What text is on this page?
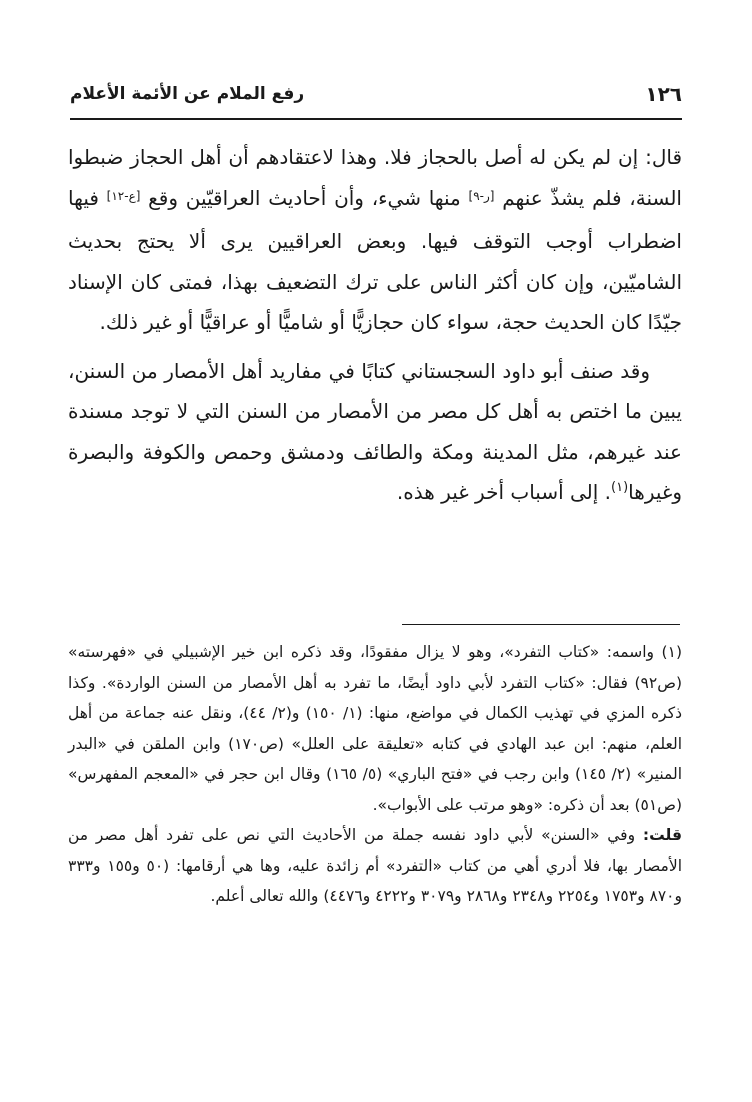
١٢٦
رفع الملام عن الأئمة الأعلام

قال: إن لم يكن له أصل بالحجاز فلا. وهذا لاعتقادهم أن أهل الحجاز ضبطوا السنة، فلم يشذّ عنهم [ر-٩] منها شيء، وأن أحاديث العراقيّين وقع [ع-١٢] فيها اضطراب أوجب التوقف فيها. وبعض العراقيين يرى ألا يحتج بحديث الشاميّين، وإن كان أكثر الناس على ترك التضعيف بهذا، فمتى كان الإسناد جيّدًا كان الحديث حجة، سواء كان حجازيًّا أو شاميًّا أو عراقيًّا أو غير ذلك.

وقد صنف أبو داود السجستاني كتابًا في مفاريد أهل الأمصار من السنن، يبين ما اختص به أهل كل مصر من الأمصار من السنن التي لا توجد مسندة عند غيرهم، مثل المدينة ومكة والطائف ودمشق وحمص والكوفة والبصرة وغيرها$^{(١)}$. إلى أسباب أخر غير هذه.

(١) واسمه: «كتاب التفرد»، وهو لا يزال مفقودًا، وقد ذكره ابن خير الإشبيلي في «فهرسته» (ص٩٢) فقال: «كتاب التفرد لأبي داود أيضًا، ما تفرد به أهل الأمصار من السنن الواردة». وكذا ذكره المزي في تهذيب الكمال في مواضع، منها: (١/ ١٥٠) و(٢/ ٤٤)، ونقل عنه جماعة من أهل العلم، منهم: ابن عبد الهادي في كتابه «تعليقة على العلل» (ص١٧٠) وابن الملقن في «البدر المنير» (٢/ ١٤٥) وابن رجب في «فتح الباري» (٥/ ١٦٥) وقال ابن حجر في «المعجم المفهرس» (ص٥١) بعد أن ذكره: «وهو مرتب على الأبواب».

قلت: وفي «السنن» لأبي داود نفسه جملة من الأحاديث التي نص على تفرد أهل مصر من الأمصار بها، فلا أدري أهي من كتاب «التفرد» أم زائدة عليه، وها هي أرقامها: (٥٠ و١٥٥ و٣٣٣ و٨٧٠ و١٧٥٣ و٢٢٥٤ و٢٣٤٨ و٢٨٦٨ و٣٠٧٩ و٤٢٢٢ و٤٤٧٦) والله تعالى أعلم.
